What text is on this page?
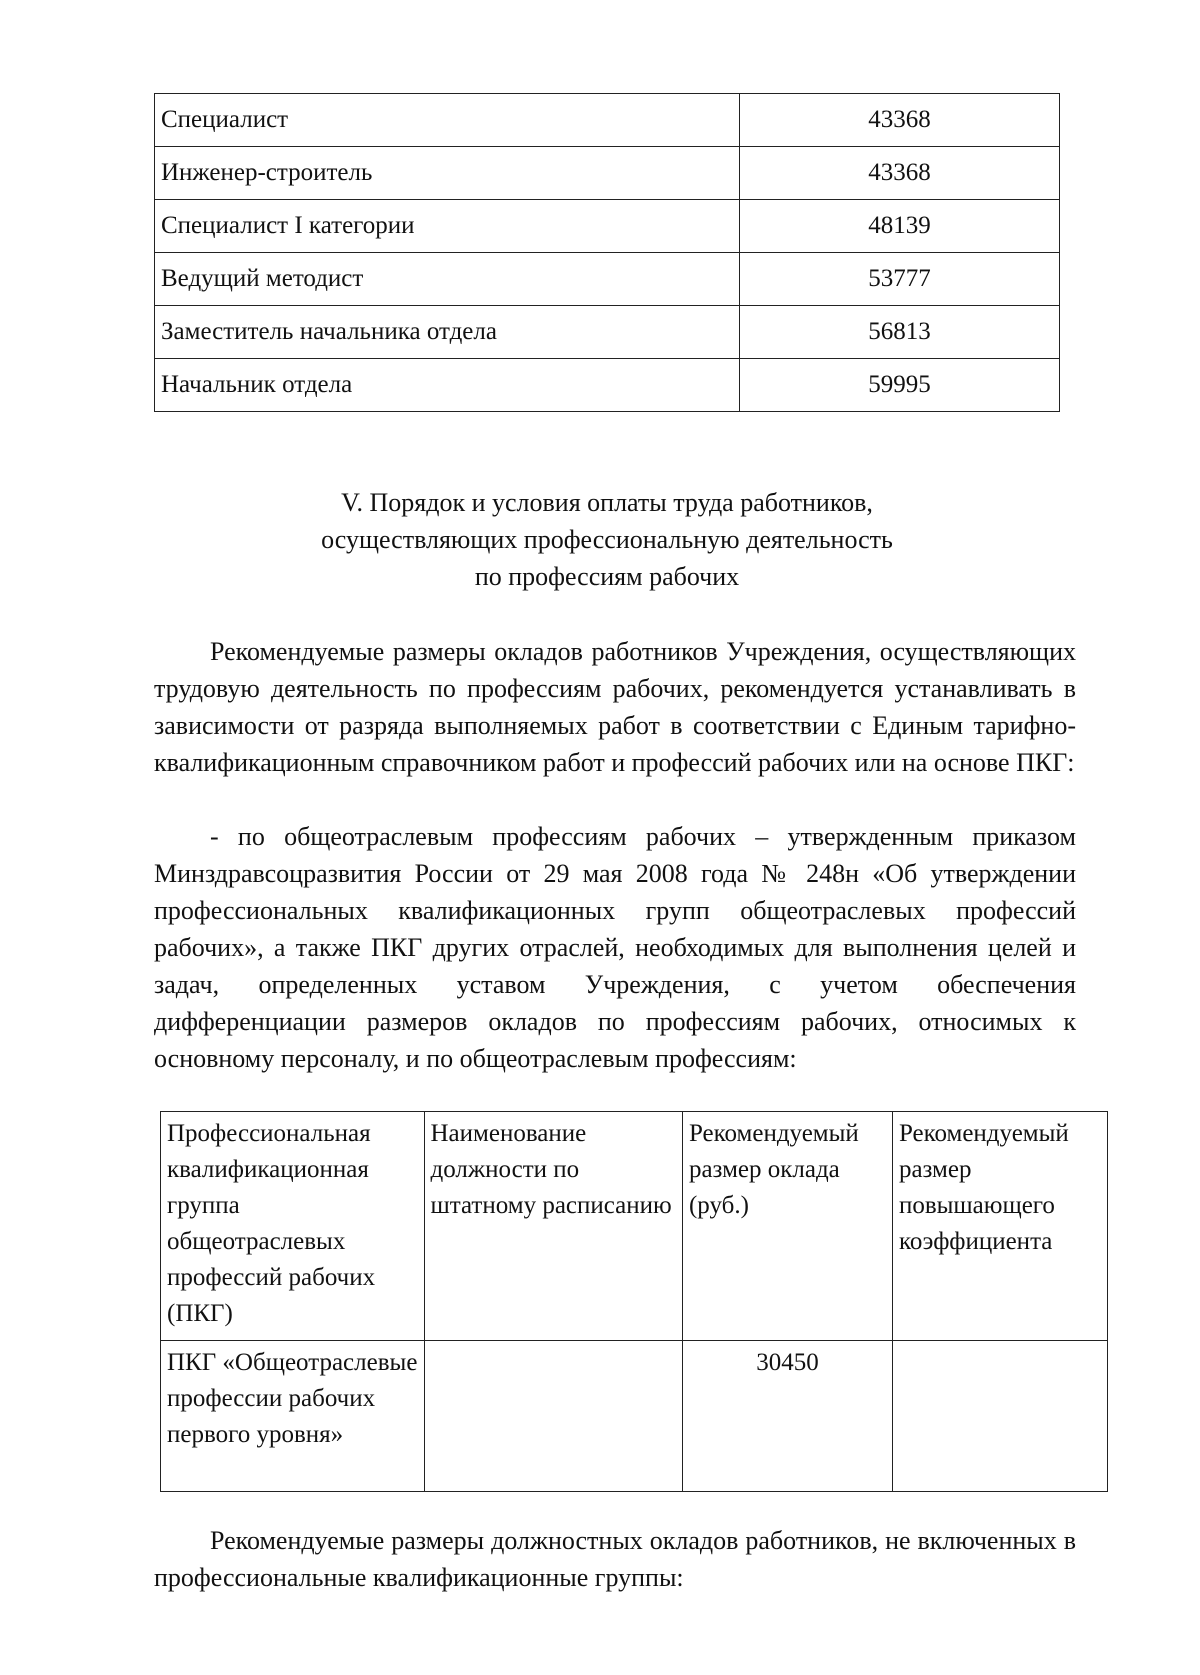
Специалист	43368
Инженер-строитель	43368
Специалист I категории	48139
Ведущий методист	53777
Заместитель начальника отдела	56813
Начальник отдела	59995
V. Порядок и условия оплаты труда работников,
осуществляющих профессиональную деятельность
по профессиям рабочих
Рекомендуемые размеры окладов работников Учреждения, осуществляющих трудовую деятельность по профессиям рабочих, рекомендуется устанавливать в зависимости от разряда выполняемых работ в соответствии с Единым тарифно-квалификационным справочником работ и профессий рабочих или на основе ПКГ:
- по общеотраслевым профессиям рабочих – утвержденным приказом Минздравсоцразвития России от 29 мая 2008 года № 248н «Об утверждении профессиональных квалификационных групп общеотраслевых профессий рабочих», а также ПКГ других отраслей, необходимых для выполнения целей и задач, определенных уставом Учреждения, с учетом обеспечения дифференциации размеров окладов по профессиям рабочих, относимых к основному персоналу, и по общеотраслевым профессиям:
Профессиональная квалификационная группа общеотраслевых профессий рабочих (ПКГ)	Наименование должности по штатному расписанию	Рекомендуемый размер оклада (руб.)	Рекомендуемый размер повышающего коэффициента
ПКГ «Общеотраслевые профессии рабочих первого уровня»		30450	
Рекомендуемые размеры должностных окладов работников, не включенных в профессиональные квалификационные группы:
